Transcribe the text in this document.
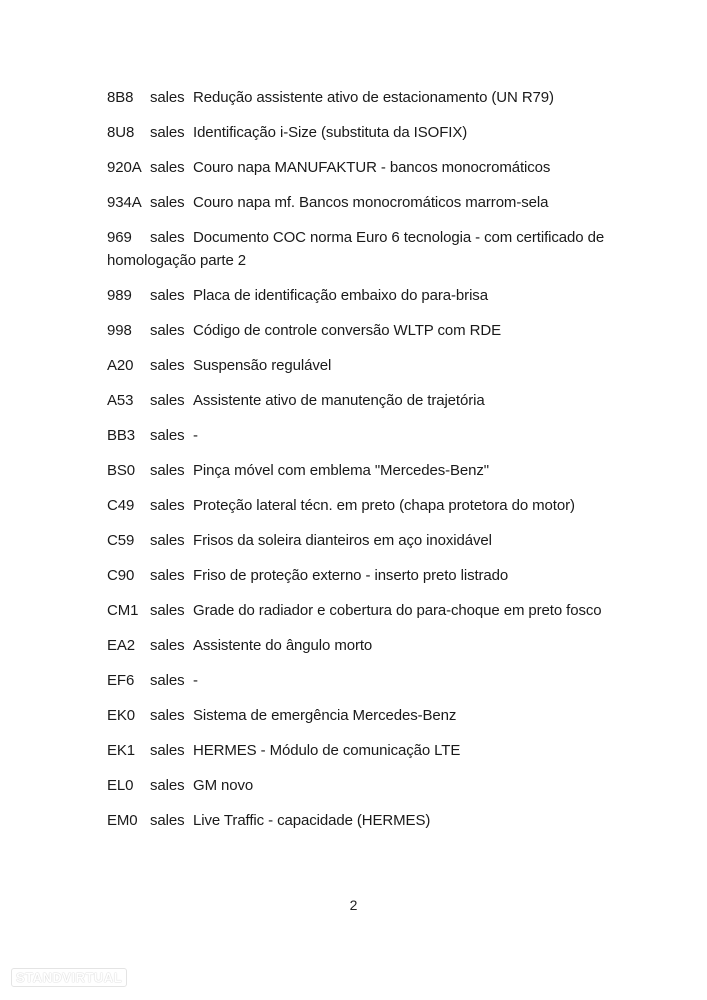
8B8 sales Redução assistente ativo de estacionamento (UN R79)
8U8 sales Identificação i-Size (substituta da ISOFIX)
920A sales Couro napa MANUFAKTUR - bancos monocromáticos
934A sales Couro napa mf. Bancos monocromáticos marrom-sela
969 sales Documento COC norma Euro 6 tecnologia - com certificado de homologação parte 2
989 sales Placa de identificação embaixo do para-brisa
998 sales Código de controle conversão WLTP com RDE
A20 sales Suspensão regulável
A53 sales Assistente ativo de manutenção de trajetória
BB3 sales -
BS0 sales Pinça móvel com emblema "Mercedes-Benz"
C49 sales Proteção lateral técn. em preto (chapa protetora do motor)
C59 sales Frisos da soleira dianteiros em aço inoxidável
C90 sales Friso de proteção externo - inserto preto listrado
CM1 sales Grade do radiador e cobertura do para-choque em preto fosco
EA2 sales Assistente do ângulo morto
EF6 sales -
EK0 sales Sistema de emergência Mercedes-Benz
EK1 sales HERMES - Módulo de comunicação LTE
EL0 sales GM novo
EM0 sales Live Traffic - capacidade (HERMES)
2
STANDVIRTUAL
